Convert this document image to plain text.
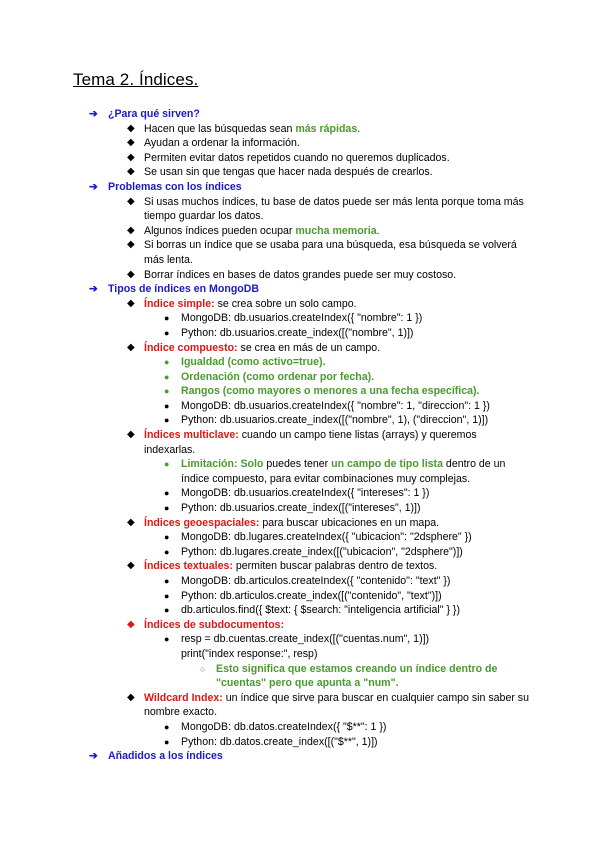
Tema 2. Índices.
➔ ¿Para qué sirven?
◆ Hacen que las búsquedas sean más rápidas.
◆ Ayudan a ordenar la información.
◆ Permiten evitar datos repetidos cuando no queremos duplicados.
◆ Se usan sin que tengas que hacer nada después de crearlos.
➔ Problemas con los índices
◆ Si usas muchos índices, tu base de datos puede ser más lenta porque toma más tiempo guardar los datos.
◆ Algunos índices pueden ocupar mucha memoria.
◆ Si borras un índice que se usaba para una búsqueda, esa búsqueda se volverá más lenta.
◆ Borrar índices en bases de datos grandes puede ser muy costoso.
➔ Tipos de índices en MongoDB
◆ Índice simple: se crea sobre un solo campo.
● MongoDB: db.usuarios.createIndex({ "nombre": 1 })
● Python: db.usuarios.create_index([("nombre", 1)])
◆ Índice compuesto: se crea en más de un campo.
● Igualdad (como activo=true).
● Ordenación (como ordenar por fecha).
● Rangos (como mayores o menores a una fecha específica).
● MongoDB: db.usuarios.createIndex({ "nombre": 1, "direccion": 1 })
● Python: db.usuarios.create_index([("nombre", 1), ("direccion", 1)])
◆ Índices multiclave: cuando un campo tiene listas (arrays) y queremos indexarlas.
● Limitación: Solo puedes tener un campo de tipo lista dentro de un índice compuesto, para evitar combinaciones muy complejas.
● MongoDB: db.usuarios.createIndex({ "intereses": 1 })
● Python: db.usuarios.create_index([("intereses", 1)])
◆ Índices geoespaciales: para buscar ubicaciones en un mapa.
● MongoDB: db.lugares.createIndex({ "ubicacion": "2dsphere" })
● Python: db.lugares.create_index([("ubicacion", "2dsphere")])
◆ Índices textuales: permiten buscar palabras dentro de textos.
● MongoDB: db.articulos.createIndex({ "contenido": "text" })
● Python: db.articulos.create_index([("contenido", "text")])
● db.articulos.find({ $text: { $search: "inteligencia artificial" } })
◆ Índices de subdocumentos:
● resp = db.cuentas.create_index([("cuentas.num", 1)])
print("index response:", resp)
○ Esto significa que estamos creando un índice dentro de "cuentas" pero que apunta a "num".
◆ Wildcard Index: un índice que sirve para buscar en cualquier campo sin saber su nombre exacto.
● MongoDB: db.datos.createIndex({ "$**": 1 })
● Python: db.datos.create_index([("$**", 1)])
➔ Añadidos a los índices
